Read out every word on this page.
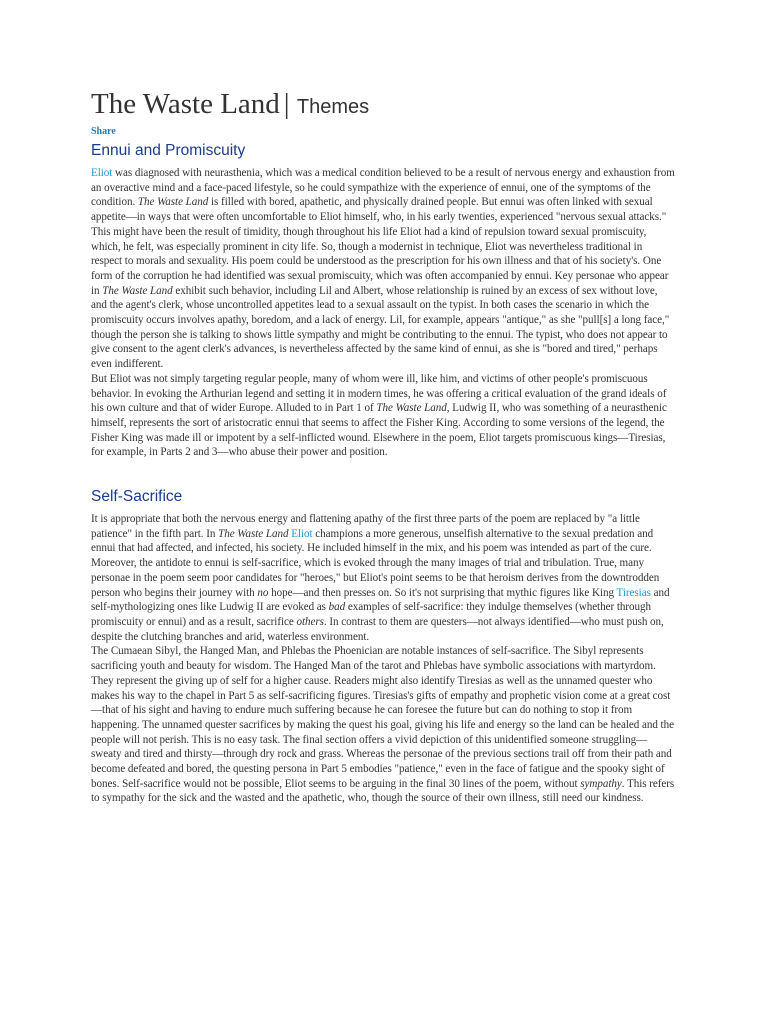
The Waste Land | Themes
Share
Ennui and Promiscuity

Eliot was diagnosed with neurasthenia, which was a medical condition believed to be a result of nervous energy and exhaustion from an overactive mind and a face-paced lifestyle, so he could sympathize with the experience of ennui, one of the symptoms of the condition. The Waste Land is filled with bored, apathetic, and physically drained people. But ennui was often linked with sexual appetite—in ways that were often uncomfortable to Eliot himself, who, in his early twenties, experienced "nervous sexual attacks." This might have been the result of timidity, though throughout his life Eliot had a kind of repulsion toward sexual promiscuity, which, he felt, was especially prominent in city life. So, though a modernist in technique, Eliot was nevertheless traditional in respect to morals and sexuality. His poem could be understood as the prescription for his own illness and that of his society's. One form of the corruption he had identified was sexual promiscuity, which was often accompanied by ennui. Key personae who appear in The Waste Land exhibit such behavior, including Lil and Albert, whose relationship is ruined by an excess of sex without love, and the agent's clerk, whose uncontrolled appetites lead to a sexual assault on the typist. In both cases the scenario in which the promiscuity occurs involves apathy, boredom, and a lack of energy. Lil, for example, appears "antique," as she "pull[s] a long face," though the person she is talking to shows little sympathy and might be contributing to the ennui. The typist, who does not appear to give consent to the agent clerk's advances, is nevertheless affected by the same kind of ennui, as she is "bored and tired," perhaps even indifferent.

But Eliot was not simply targeting regular people, many of whom were ill, like him, and victims of other people's promiscuous behavior. In evoking the Arthurian legend and setting it in modern times, he was offering a critical evaluation of the grand ideals of his own culture and that of wider Europe. Alluded to in Part 1 of The Waste Land, Ludwig II, who was something of a neurasthenic himself, represents the sort of aristocratic ennui that seems to affect the Fisher King. According to some versions of the legend, the Fisher King was made ill or impotent by a self-inflicted wound. Elsewhere in the poem, Eliot targets promiscuous kings—Tiresias, for example, in Parts 2 and 3—who abuse their power and position.

Self-Sacrifice

It is appropriate that both the nervous energy and flattening apathy of the first three parts of the poem are replaced by "a little patience" in the fifth part. In The Waste Land Eliot champions a more generous, unselfish alternative to the sexual predation and ennui that had affected, and infected, his society. He included himself in the mix, and his poem was intended as part of the cure. Moreover, the antidote to ennui is self-sacrifice, which is evoked through the many images of trial and tribulation. True, many personae in the poem seem poor candidates for "heroes," but Eliot's point seems to be that heroism derives from the downtrodden person who begins their journey with no hope—and then presses on. So it's not surprising that mythic figures like King Tiresias and self-mythologizing ones like Ludwig II are evoked as bad examples of self-sacrifice: they indulge themselves (whether through promiscuity or ennui) and as a result, sacrifice others. In contrast to them are questers—not always identified—who must push on, despite the clutching branches and arid, waterless environment.

The Cumaean Sibyl, the Hanged Man, and Phlebas the Phoenician are notable instances of self-sacrifice. The Sibyl represents sacrificing youth and beauty for wisdom. The Hanged Man of the tarot and Phlebas have symbolic associations with martyrdom. They represent the giving up of self for a higher cause. Readers might also identify Tiresias as well as the unnamed quester who makes his way to the chapel in Part 5 as self-sacrificing figures. Tiresias's gifts of empathy and prophetic vision come at a great cost—that of his sight and having to endure much suffering because he can foresee the future but can do nothing to stop it from happening. The unnamed quester sacrifices by making the quest his goal, giving his life and energy so the land can be healed and the people will not perish. This is no easy task. The final section offers a vivid depiction of this unidentified someone struggling—sweaty and tired and thirsty—through dry rock and grass. Whereas the personae of the previous sections trail off from their path and become defeated and bored, the questing persona in Part 5 embodies "patience," even in the face of fatigue and the spooky sight of bones. Self-sacrifice would not be possible, Eliot seems to be arguing in the final 30 lines of the poem, without sympathy. This refers to sympathy for the sick and the wasted and the apathetic, who, though the source of their own illness, still need our kindness.
